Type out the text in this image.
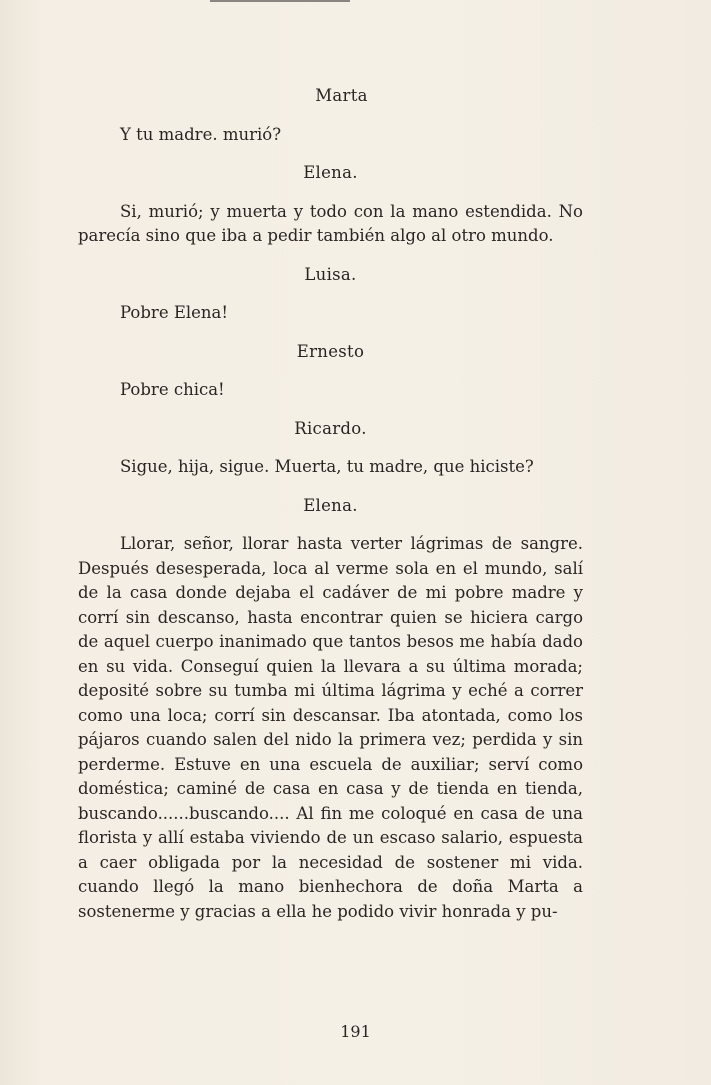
Marta

Y tu madre. murió?

Elena.

Si, murió; y muerta y todo con la mano estendida. No parecía sino que iba a pedir también algo al otro mundo.

Luisa.

Pobre Elena!

Ernesto

Pobre chica!

Ricardo.

Sigue, hija, sigue. Muerta, tu madre, que hiciste?

Elena.

Llorar, señor, llorar hasta verter lágrimas de sangre. Después desesperada, loca al verme sola en el mundo, salí de la casa donde dejaba el cadáver de mi pobre madre y corrí sin descanso, hasta encontrar quien se hiciera cargo de aquel cuerpo inanimado que tantos besos me había dado en su vida. Conseguí quien la llevara a su última morada; deposité sobre su tumba mi última lágrima y eché a correr como una loca; corrí sin descansar. Iba atontada, como los pájaros cuando salen del nido la primera vez; perdida y sin perderme. Estuve en una escuela de auxiliar; serví como doméstica; caminé de casa en casa y de tienda en tienda, buscando......buscando.... Al fin me coloqué en casa de una florista y allí estaba viviendo de un escaso salario, espuesta a caer obligada por la necesidad de sostener mi vida. cuando llegó la mano bienhechora de doña Marta a sostenerme y gracias a ella he podido vivir honrada y pu-

191
